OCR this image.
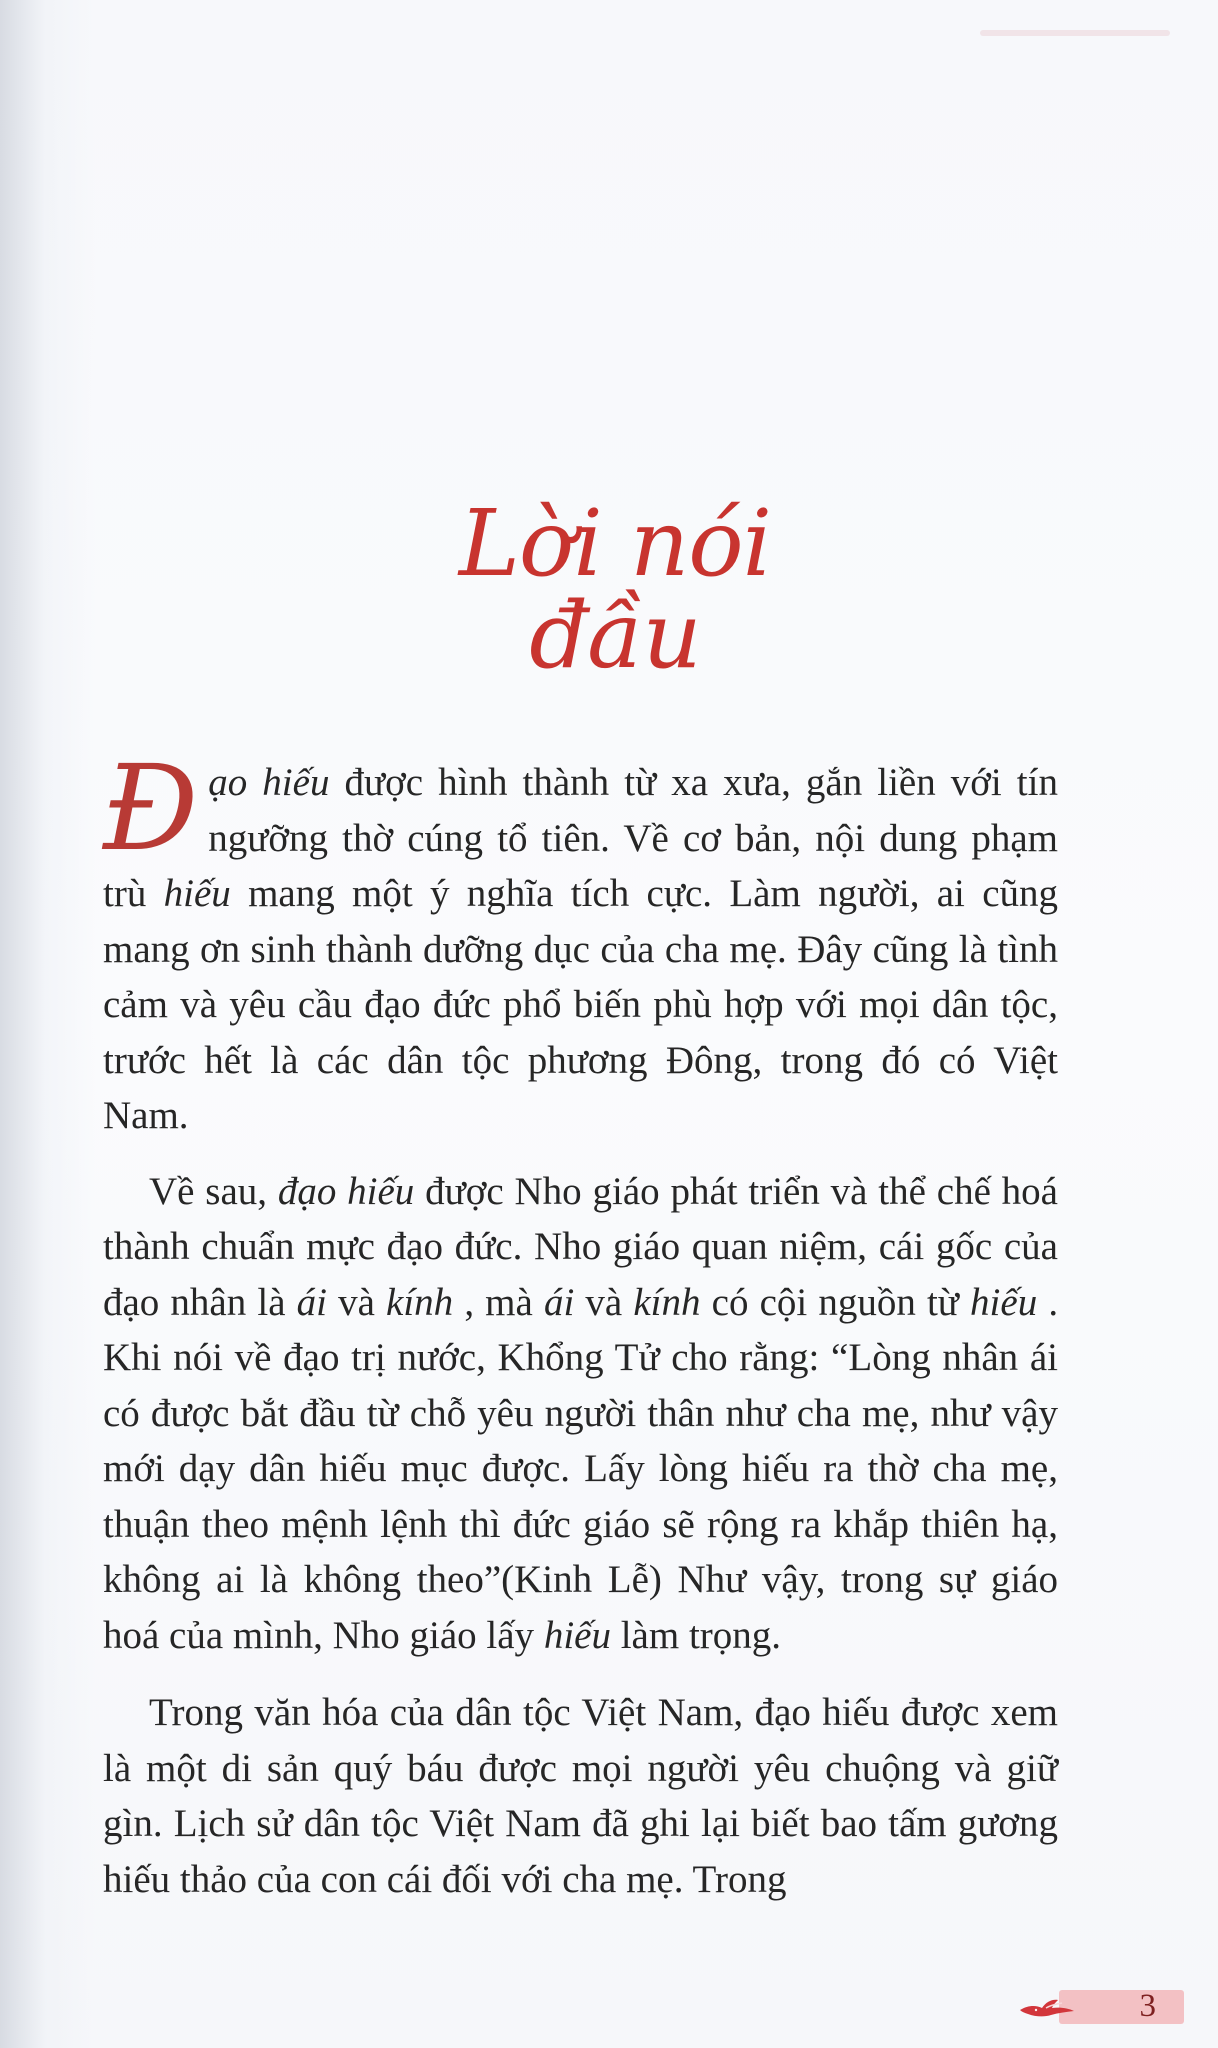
Lời nói đầu

Đ ạo hiếu được hình thành từ xa xưa, gắn liền với tín ngưỡng thờ cúng tổ tiên. Về cơ bản, nội dung phạm trù hiếu mang một ý nghĩa tích cực. Làm người, ai cũng mang ơn sinh thành dưỡng dục của cha mẹ. Đây cũng là tình cảm và yêu cầu đạo đức phổ biến phù hợp với mọi dân tộc, trước hết là các dân tộc phương Đông, trong đó có Việt Nam.

Về sau, đạo hiếu được Nho giáo phát triển và thể chế hoá thành chuẩn mực đạo đức. Nho giáo quan niệm, cái gốc của đạo nhân là ái và kính , mà ái và kính có cội nguồn từ hiếu . Khi nói về đạo trị nước, Khổng Tử cho rằng: “Lòng nhân ái có được bắt đầu từ chỗ yêu người thân như cha mẹ, như vậy mới dạy dân hiếu mục được. Lấy lòng hiếu ra thờ cha mẹ, thuận theo mệnh lệnh thì đức giáo sẽ rộng ra khắp thiên hạ, không ai là không theo”(Kinh Lễ) Như vậy, trong sự giáo hoá của mình, Nho giáo lấy hiếu làm trọng.

Trong văn hóa của dân tộc Việt Nam, đạo hiếu được xem là một di sản quý báu được mọi người yêu chuộng và giữ gìn. Lịch sử dân tộc Việt Nam đã ghi lại biết bao tấm gương hiếu thảo của con cái đối với cha mẹ. Trong

3
